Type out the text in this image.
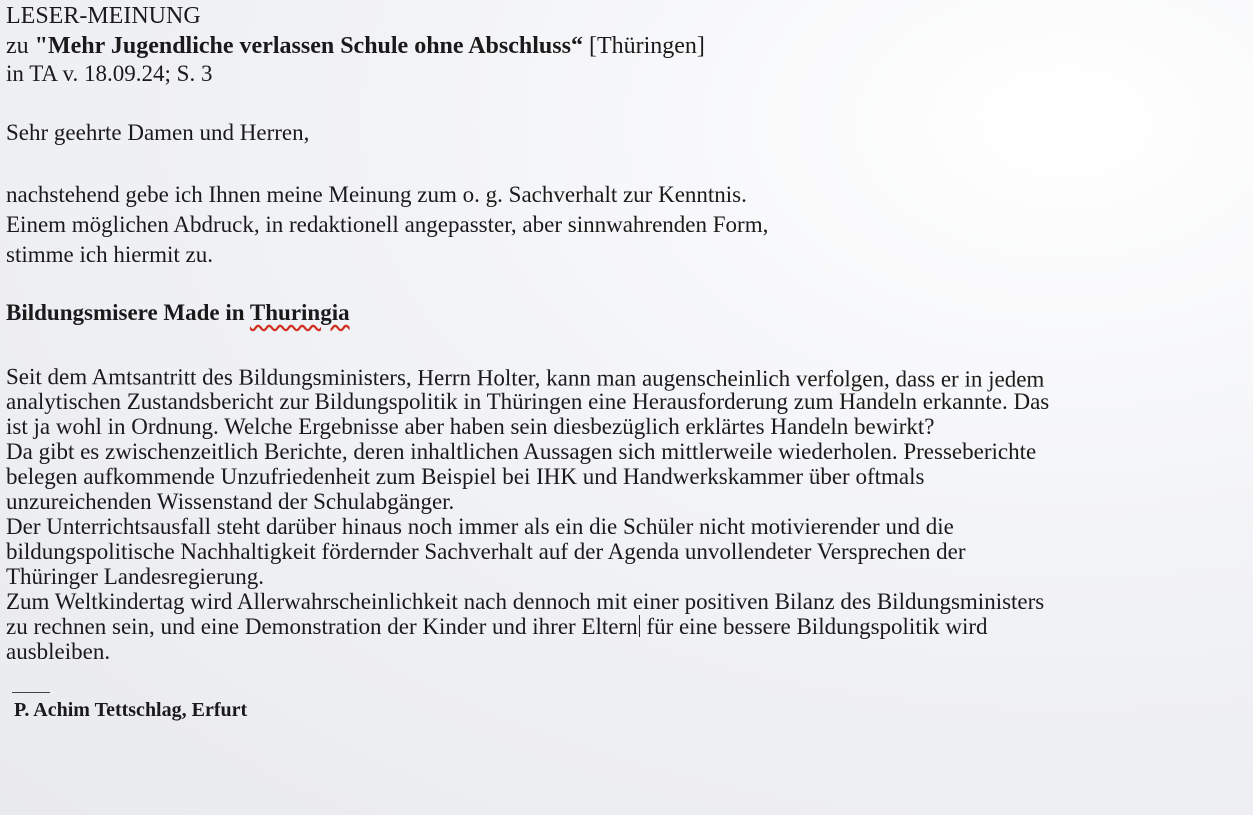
LESER-MEINUNG
zu "Mehr Jugendliche verlassen Schule ohne Abschluss“ [Thüringen]
in TA v. 18.09.24; S. 3
Sehr geehrte Damen und Herren,
nachstehend gebe ich Ihnen meine Meinung zum o. g. Sachverhalt zur Kenntnis.
Einem möglichen Abdruck, in redaktionell angepasster, aber sinnwahrenden Form,
stimme ich hiermit zu.
Bildungsmisere Made in Thuringia
Seit dem Amtsantritt des Bildungsministers, Herrn Holter, kann man augenscheinlich verfolgen, dass er in jedem
analytischen Zustandsbericht zur Bildungspolitik in Thüringen eine Herausforderung zum Handeln erkannte. Das
ist ja wohl in Ordnung. Welche Ergebnisse aber haben sein diesbezüglich erklärtes Handeln bewirkt?
Da gibt es zwischenzeitlich Berichte, deren inhaltlichen Aussagen sich mittlerweile wiederholen. Presseberichte
belegen aufkommende Unzufriedenheit zum Beispiel bei IHK und Handwerkskammer über oftmals
unzureichenden Wissenstand der Schulabgänger.
Der Unterrichtsausfall steht darüber hinaus noch immer als ein die Schüler nicht motivierender und die
bildungspolitische Nachhaltigkeit fördernder Sachverhalt auf der Agenda unvollendeter Versprechen der
Thüringer Landesregierung.
Zum Weltkindertag wird Allerwahrscheinlichkeit nach dennoch mit einer positiven Bilanz des Bildungsministers
zu rechnen sein, und eine Demonstration der Kinder und ihrer Eltern für eine bessere Bildungspolitik wird
ausbleiben.
P. Achim Tettschlag, Erfurt
